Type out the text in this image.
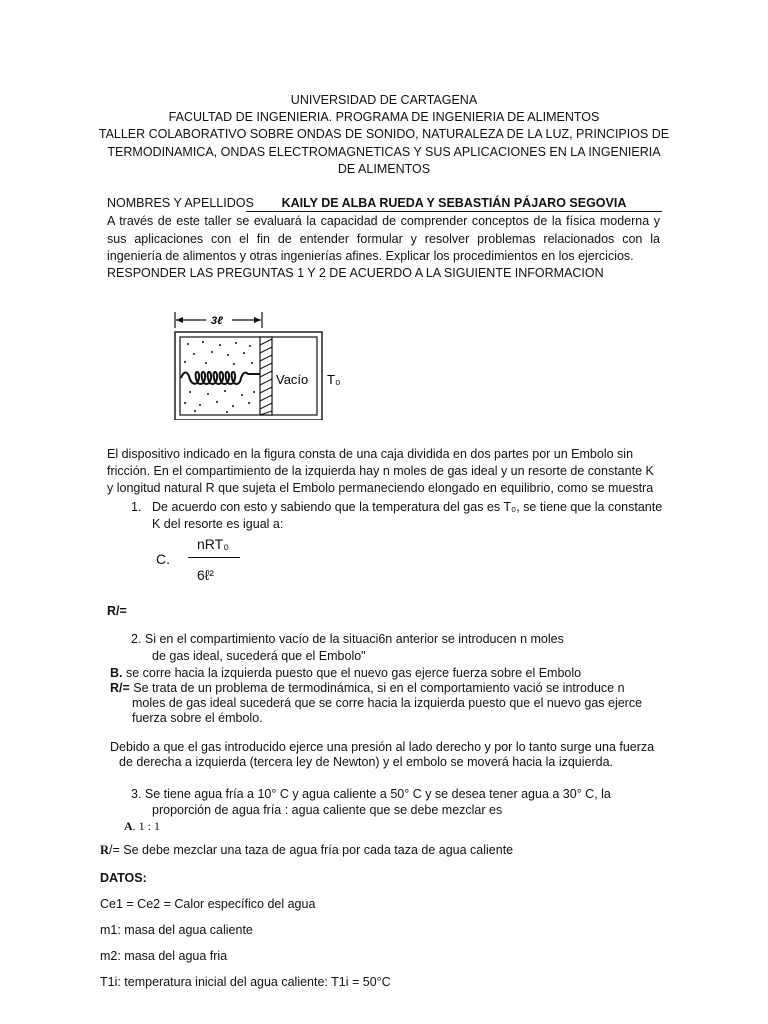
UNIVERSIDAD DE CARTAGENA
FACULTAD DE INGENIERIA. PROGRAMA DE INGENIERIA DE ALIMENTOS
TALLER COLABORATIVO SOBRE ONDAS DE SONIDO, NATURALEZA DE LA LUZ, PRINCIPIOS DE
TERMODINAMICA, ONDAS ELECTROMAGNETICAS Y SUS APLICACIONES EN LA INGENIERIA
DE ALIMENTOS
NOMBRES Y APELLIDOS	KAILY DE ALBA RUEDA Y SEBASTIÁN PÁJARO SEGOVIA
A través de este taller se evaluará la capacidad de comprender conceptos de la física moderna y
sus aplicaciones con el fin de entender formular y resolver problemas relacionados con la
ingeniería de alimentos y otras ingenierías afines. Explicar los procedimientos en los ejercicios.
RESPONDER LAS PREGUNTAS 1 Y 2 DE ACUERDO A LA SIGUIENTE INFORMACION
3ℓ
Vacío T₀
El dispositivo indicado en la figura consta de una caja dividida en dos partes por un Embolo sin
fricción. En el compartimiento de la izquierda hay n moles de gas ideal y un resorte de constante K
y longitud natural R que sujeta el Embolo permaneciendo elongado en equilibrio, como se muestra
1. De acuerdo con esto y sabiendo que la temperatura del gas es T₀, se tiene que la constante
K del resorte es igual a:
C.
nRT₀
6ℓ²
R/=
2. Si en el compartimiento vacío de la situaci6n anterior se introducen n moles
de gas ideal, sucederá que el Embolo"
B. se corre hacia la izquierda puesto que el nuevo gas ejerce fuerza sobre el Embolo
R/= Se trata de un problema de termodinámica, si en el comportamiento vació se introduce n
moles de gas ideal sucederá que se corre hacia la izquierda puesto que el nuevo gas ejerce
fuerza sobre el émbolo.
Debido a que el gas introducido ejerce una presión al lado derecho y por lo tanto surge una fuerza
de derecha a izquierda (tercera ley de Newton) y el embolo se moverá hacia la izquierda.
3. Se tiene agua fría a 10° C y agua caliente a 50° C y se desea tener agua a 30° C, la
proporción de agua fría : agua caliente que se debe mezclar es
A. 1 : 1
R/= Se debe mezclar una taza de agua fría por cada taza de agua caliente
DATOS:
Ce1 = Ce2 = Calor específico del agua
m1: masa del agua caliente
m2: masa del agua fria
T1i: temperatura inicial del agua caliente: T1i = 50°C
